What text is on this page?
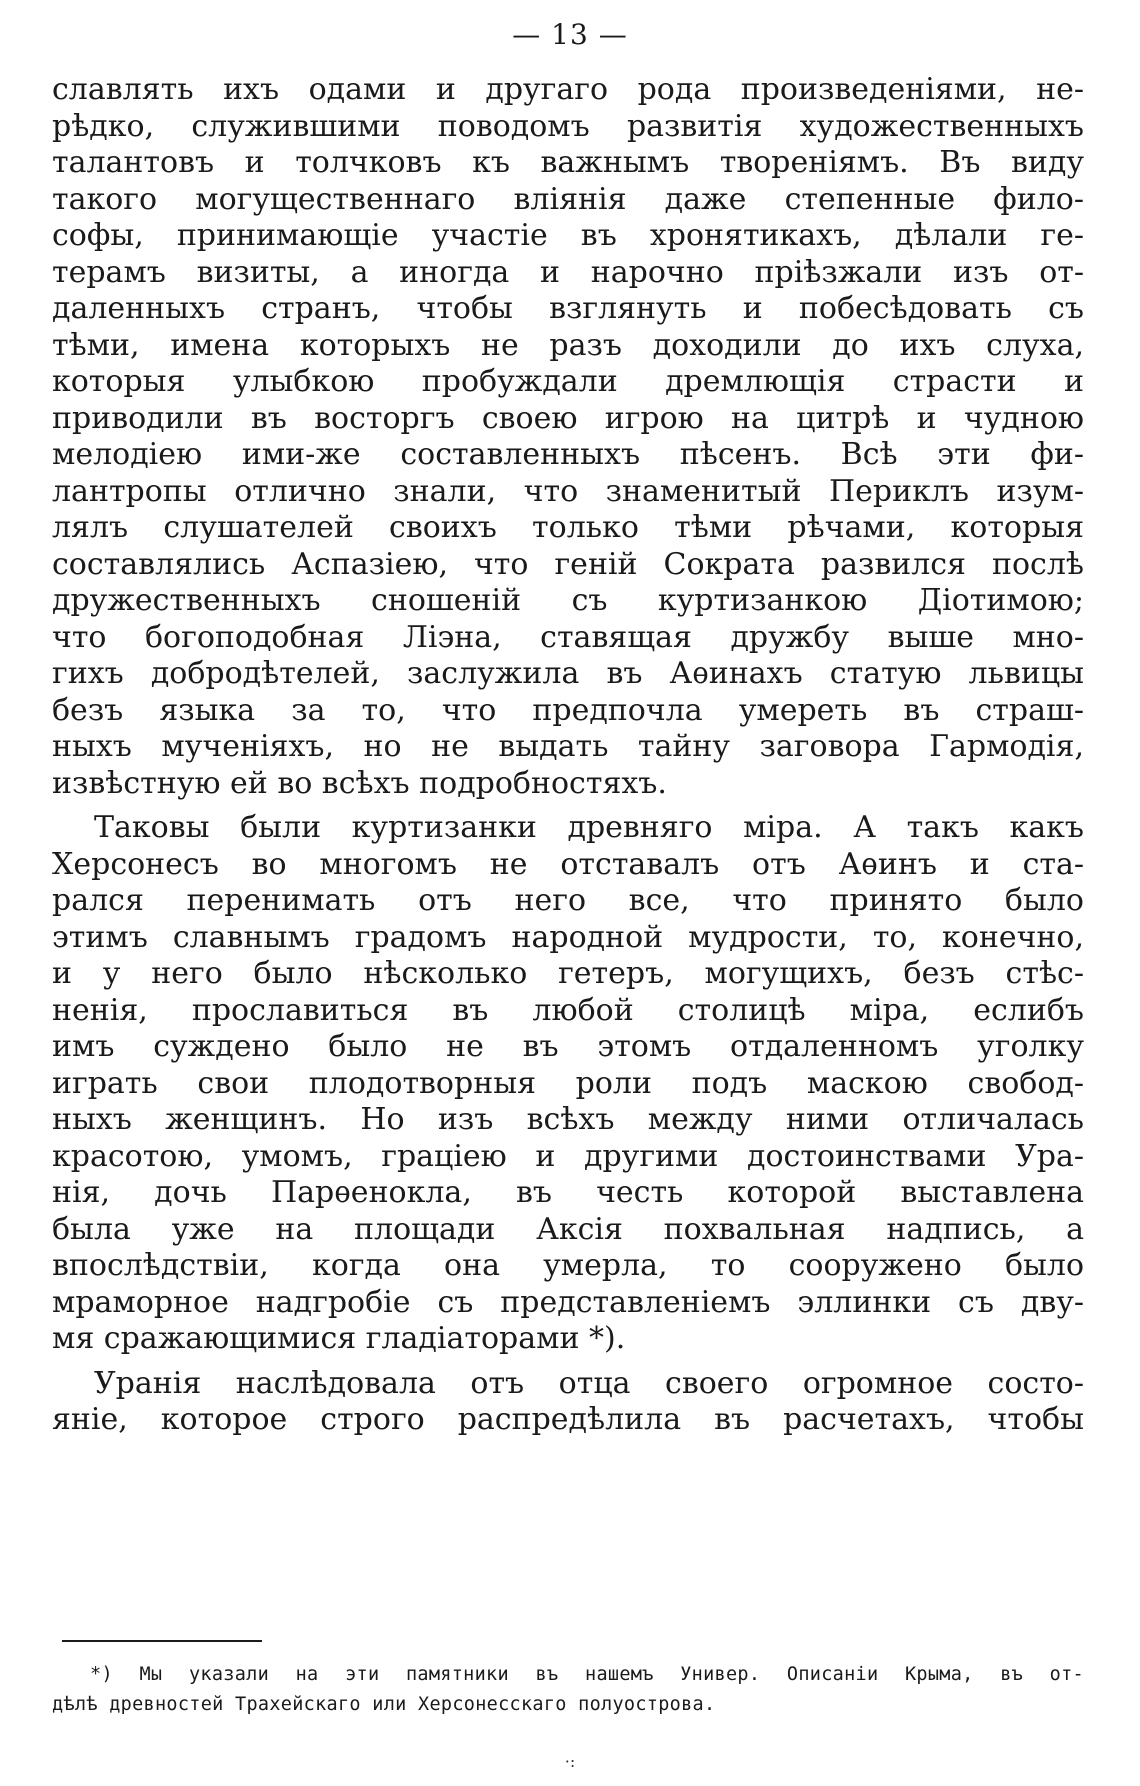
— 13 —
славлять ихъ одами и другаго рода произведеніями, не-
рѣдко, служившими поводомъ развитія художественныхъ
талантовъ и толчковъ къ важнымъ твореніямъ. Въ виду
такого могущественнаго вліянія даже степенные фило-
софы, принимающіе участіе въ хронятикахъ, дѣлали ге-
терамъ визиты, а иногда и нарочно пріѣзжали изъ от-
даленныхъ странъ, чтобы взглянуть и побесѣдовать съ
тѣми, имена которыхъ не разъ доходили до ихъ слуха,
которыя улыбкою пробуждали дремлющія страсти и
приводили въ восторгъ своею игрою на цитрѣ и чудною
мелодіею ими-же составленныхъ пѣсенъ. Всѣ эти фи-
лантропы отлично знали, что знаменитый Периклъ изум-
лялъ слушателей своихъ только тѣми рѣчами, которыя
составлялись Аспазіею, что геній Сократа развился послѣ
дружественныхъ сношеній съ куртизанкою Діотимою;
что богоподобная Ліэна, ставящая дружбу выше мно-
гихъ добродѣтелей, заслужила въ Аѳинахъ статую львицы
безъ языка за то, что предпочла умереть въ страш-
ныхъ мученіяхъ, но не выдать тайну заговора Гармодія,
извѣстную ей во всѣхъ подробностяхъ.
Таковы были куртизанки древняго міра. А такъ какъ
Херсонесъ во многомъ не отставалъ отъ Аѳинъ и ста-
рался перенимать отъ него все, что принято было
этимъ славнымъ градомъ народной мудрости, то, конечно,
и у него было нѣсколько гетеръ, могущихъ, безъ стѣс-
ненія, прославиться въ любой столицѣ міра, еслибъ
имъ суждено было не въ этомъ отдаленномъ уголку
играть свои плодотворныя роли подъ маскою свобод-
ныхъ женщинъ. Но изъ всѣхъ между ними отличалась
красотою, умомъ, граціею и другими достоинствами Ура-
нія, дочь Парѳенокла, въ честь которой выставлена
была уже на площади Аксія похвальная надпись, а
впослѣдствіи, когда она умерла, то сооружено было
мраморное надгробіе съ представленіемъ эллинки съ дву-
мя сражающимися гладіаторами *).
Уранія наслѣдовала отъ отца своего огромное состо-
яніе, которое строго распредѣлила въ расчетахъ, чтобы
*) Мы указали на эти памятники въ нашемъ Универ. Описаніи Крыма, въ от-
дѣлѣ древностей Трахейскаго или Херсонесскаго полуострова.
·:
